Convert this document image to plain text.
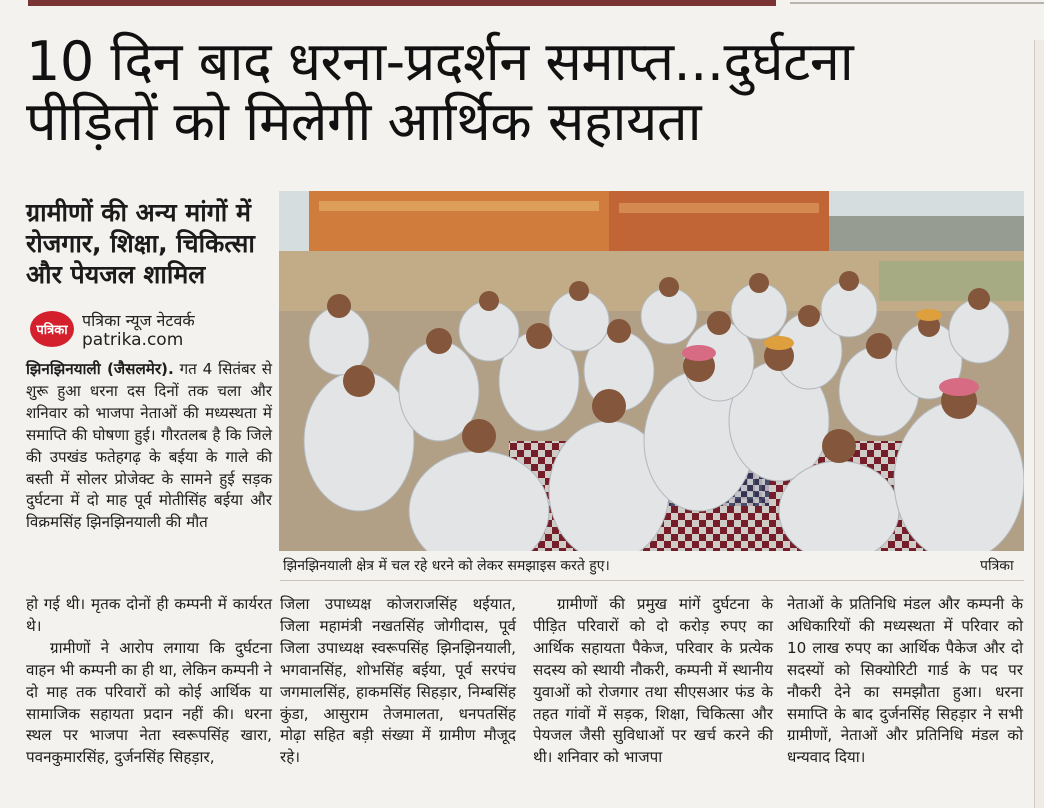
10 दिन बाद धरना-प्रदर्शन समाप्त...दुर्घटना
पीड़ितों को मिलेगी आर्थिक सहायता
ग्रामीणों की अन्य मांगों में
रोजगार, शिक्षा, चिकित्सा
और पेयजल शामिल
पत्रिका
पत्रिका न्यूज नेटवर्क
patrika.com

झिनझिनयाली (जैसलमेर). गत 4 सितंबर से शुरू हुआ धरना दस दिनों तक चला और शनिवार को भाजपा नेताओं की मध्यस्थता में समाप्ति की घोषणा हुई। गौरतलब है कि जिले की उपखंड फतेहगढ़ के बईया के गाले की बस्ती में सोलर प्रोजेक्ट के सामने हुई सड़क दुर्घटना में दो माह पूर्व मोतीसिंह बईया और विक्रमसिंह झिनझिनयाली की मौत

झिनझिनयाली क्षेत्र में चल रहे धरने को लेकर समझाइस करते हुए।	पत्रिका

हो गई थी। मृतक दोनों ही कम्पनी में कार्यरत थे।

ग्रामीणों ने आरोप लगाया कि दुर्घटना वाहन भी कम्पनी का ही था, लेकिन कम्पनी ने दो माह तक परिवारों को कोई आर्थिक या सामाजिक सहायता प्रदान नहीं की। धरना स्थल पर भाजपा नेता स्वरूपसिंह खारा, पवनकुमारसिंह, दुर्जनसिंह सिहड़ार,

जिला उपाध्यक्ष कोजराजसिंह थईयात, जिला महामंत्री नखतसिंह जोगीदास, पूर्व जिला उपाध्यक्ष स्वरूपसिंह झिनझिनयाली, भगवानसिंह, शोभसिंह बईया, पूर्व सरपंच जगमालसिंह, हाकमसिंह सिहड़ार, निम्बसिंह कुंडा, आसुराम तेजमालता, धनपतसिंह मोढ़ा सहित बड़ी संख्या में ग्रामीण मौजूद रहे।

ग्रामीणों की प्रमुख मांगें दुर्घटना के पीड़ित परिवारों को दो करोड़ रुपए का आर्थिक सहायता पैकेज, परिवार के प्रत्येक सदस्य को स्थायी नौकरी, कम्पनी में स्थानीय युवाओं को रोजगार तथा सीएसआर फंड के तहत गांवों में सड़क, शिक्षा, चिकित्सा और पेयजल जैसी सुविधाओं पर खर्च करने की थी। शनिवार को भाजपा

नेताओं के प्रतिनिधि मंडल और कम्पनी के अधिकारियों की मध्यस्थता में परिवार को 10 लाख रुपए का आर्थिक पैकेज और दो सदस्यों को सिक्योरिटी गार्ड के पद पर नौकरी देने का समझौता हुआ। धरना समाप्ति के बाद दुर्जनसिंह सिहड़ार ने सभी ग्रामीणों, नेताओं और प्रतिनिधि मंडल को धन्यवाद दिया।
